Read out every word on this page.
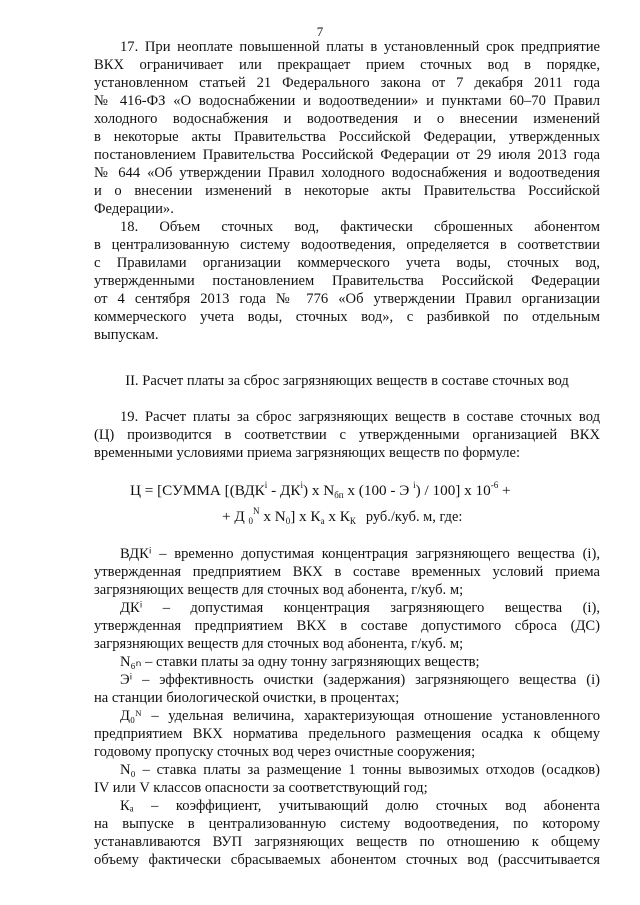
7
17. При неоплате повышенной платы в установленный срок предприятие
ВКХ ограничивает или прекращает прием сточных вод в порядке,
установленном статьей 21 Федерального закона от 7 декабря 2011 года
№ 416-ФЗ «О водоснабжении и водоотведении» и пунктами 60–70 Правил
холодного водоснабжения и водоотведения и о внесении изменений
в некоторые акты Правительства Российской Федерации, утвержденных
постановлением Правительства Российской Федерации от 29 июля 2013 года
№ 644 «Об утверждении Правил холодного водоснабжения и водоотведения
и о внесении изменений в некоторые акты Правительства Российской
Федерации».
18. Объем сточных вод, фактически сброшенных абонентом
в централизованную систему водоотведения, определяется в соответствии
с Правилами организации коммерческого учета воды, сточных вод,
утвержденными постановлением Правительства Российской Федерации
от 4 сентября 2013 года № 776 «Об утверждении Правил организации
коммерческого учета воды, сточных вод», с разбивкой по отдельным
выпускам.
II. Расчет платы за сброс загрязняющих веществ в составе сточных вод
19. Расчет платы за сброс загрязняющих веществ в составе сточных вод
(Ц) производится в соответствии с утвержденными организацией ВКХ
временными условиями приема загрязняющих веществ по формуле:
ВДКⁱ – временно допустимая концентрация загрязняющего вещества (i),
утвержденная предприятием ВКХ в составе временных условий приема
загрязняющих веществ для сточных вод абонента, г/куб. м;
ДКⁱ – допустимая концентрация загрязняющего вещества (i),
утвержденная предприятием ВКХ в составе допустимого сброса (ДС)
загрязняющих веществ для сточных вод абонента, г/куб. м;
N₆ₙ – ставки платы за одну тонну загрязняющих веществ;
Эⁱ – эффективность очистки (задержания) загрязняющего вещества (i)
на станции биологической очистки, в процентах;
Д₀ᴺ – удельная величина, характеризующая отношение установленного
предприятием ВКХ норматива предельного размещения осадка к общему
годовому пропуску сточных вод через очистные сооружения;
N₀ – ставка платы за размещение 1 тонны вывозимых отходов (осадков)
IV или V классов опасности за соответствующий год;
Кₐ – коэффициент, учитывающий долю сточных вод абонента
на выпуске в централизованную систему водоотведения, по которому
устанавливаются ВУП загрязняющих веществ по отношению к общему
объему фактически сбрасываемых абонентом сточных вод (рассчитывается
Ц = [СУММА [$(ВДК^i - ДК^i)$ x $N_{бп}$ x (100 - Э $^i$) / 100] x $10^{-6}$ +
+ Д $_0^N$ x $N_0$] x $К_а$ x $К_К$ руб./куб. м, где:
